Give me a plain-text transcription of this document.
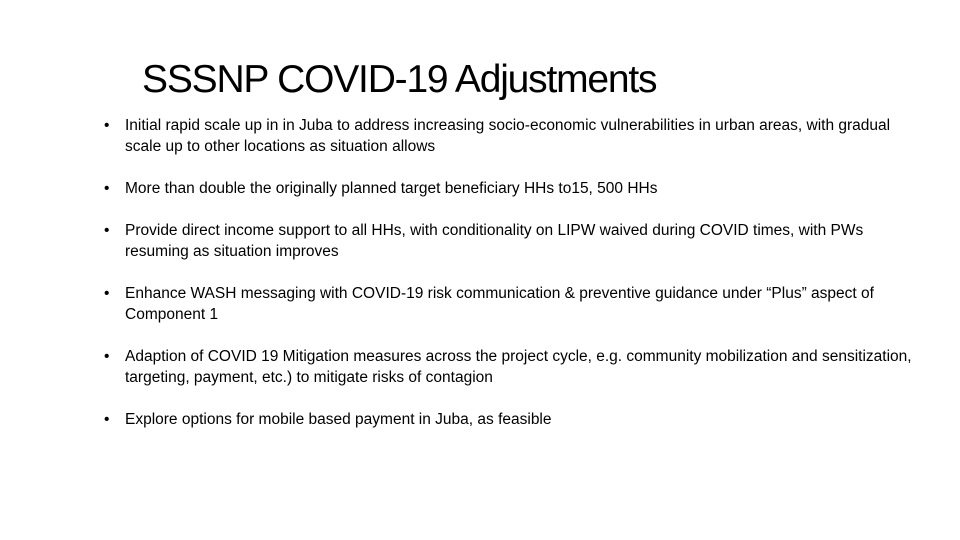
SSSNP COVID-19 Adjustments
•	Initial rapid scale up in in Juba to address increasing socio-economic vulnerabilities in urban areas, with gradual scale up to other locations as situation allows
•	More than double the originally planned target beneficiary HHs to15, 500 HHs
•	Provide direct income support to all HHs, with conditionality on LIPW waived during COVID times, with PWs resuming as situation improves
•	Enhance WASH messaging with COVID-19 risk communication & preventive guidance under “Plus” aspect of Component 1
•	Adaption of COVID 19 Mitigation measures across the project cycle, e.g. community mobilization and sensitization, targeting, payment, etc.) to mitigate risks of contagion
•	Explore options for mobile based payment in Juba, as feasible
